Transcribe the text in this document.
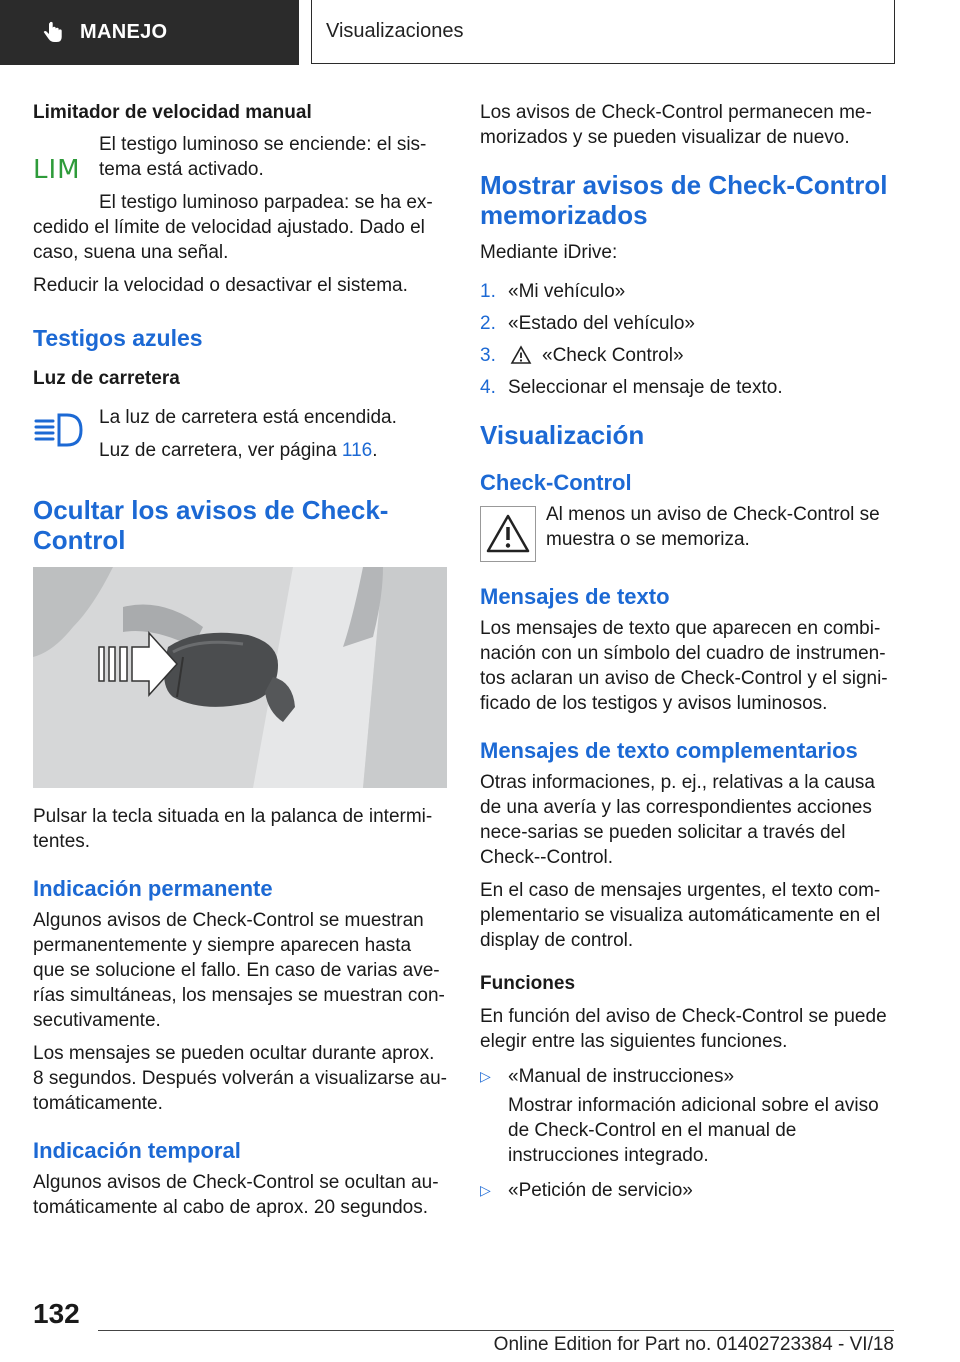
MANEJO	Visualizaciones
Limitador de velocidad manual
LIM

El testigo luminoso se enciende: el sis-tema está activado.

El testigo luminoso parpadea: se ha ex-

cedido el límite de velocidad ajustado. Dado el caso, suena una señal.

Reducir la velocidad o desactivar el sistema.

Testigos azules
Luz de carretera

La luz de carretera está encendida.

Luz de carretera, ver página 116.

Ocultar los avisos de Check-Control

Pulsar la tecla situada en la palanca de intermi-tentes.

Indicación permanente

Algunos avisos de Check-Control se muestran permanentemente y siempre aparecen hasta que se solucione el fallo. En caso de varias ave-rías simultáneas, los mensajes se muestran con-secutivamente.

Los mensajes se pueden ocultar durante aprox. 8 segundos. Después volverán a visualizarse au-tomáticamente.

Indicación temporal

Algunos avisos de Check-Control se ocultan au-tomáticamente al cabo de aprox. 20 segundos.

Los avisos de Check-Control permanecen me-morizados y se pueden visualizar de nuevo.

Mostrar avisos de Check-Control memorizados

Mediante iDrive:

1. «Mi vehículo»
2. «Estado del vehículo»
3.	«Check Control»
4. Seleccionar el mensaje de texto.
Visualización
Check-Control

Al menos un aviso de Check-Control se muestra o se memoriza.

Mensajes de texto

Los mensajes de texto que aparecen en combi-nación con un símbolo del cuadro de instrumen-tos aclaran un aviso de Check-Control y el signi-ficado de los testigos y avisos luminosos.

Mensajes de texto complementarios

Otras informaciones, p. ej., relativas a la causa de una avería y las correspondientes acciones nece-sarias se pueden solicitar a través del Check--Control.

En el caso de mensajes urgentes, el texto com-plementario se visualiza automáticamente en el display de control.

Funciones

En función del aviso de Check-Control se puede elegir entre las siguientes funciones.

▷ «Manual de instrucciones»

Mostrar información adicional sobre el aviso de Check-Control en el manual de instrucciones integrado.

▷ «Petición de servicio»
132
Online Edition for Part no. 01402723384 - VI/18
